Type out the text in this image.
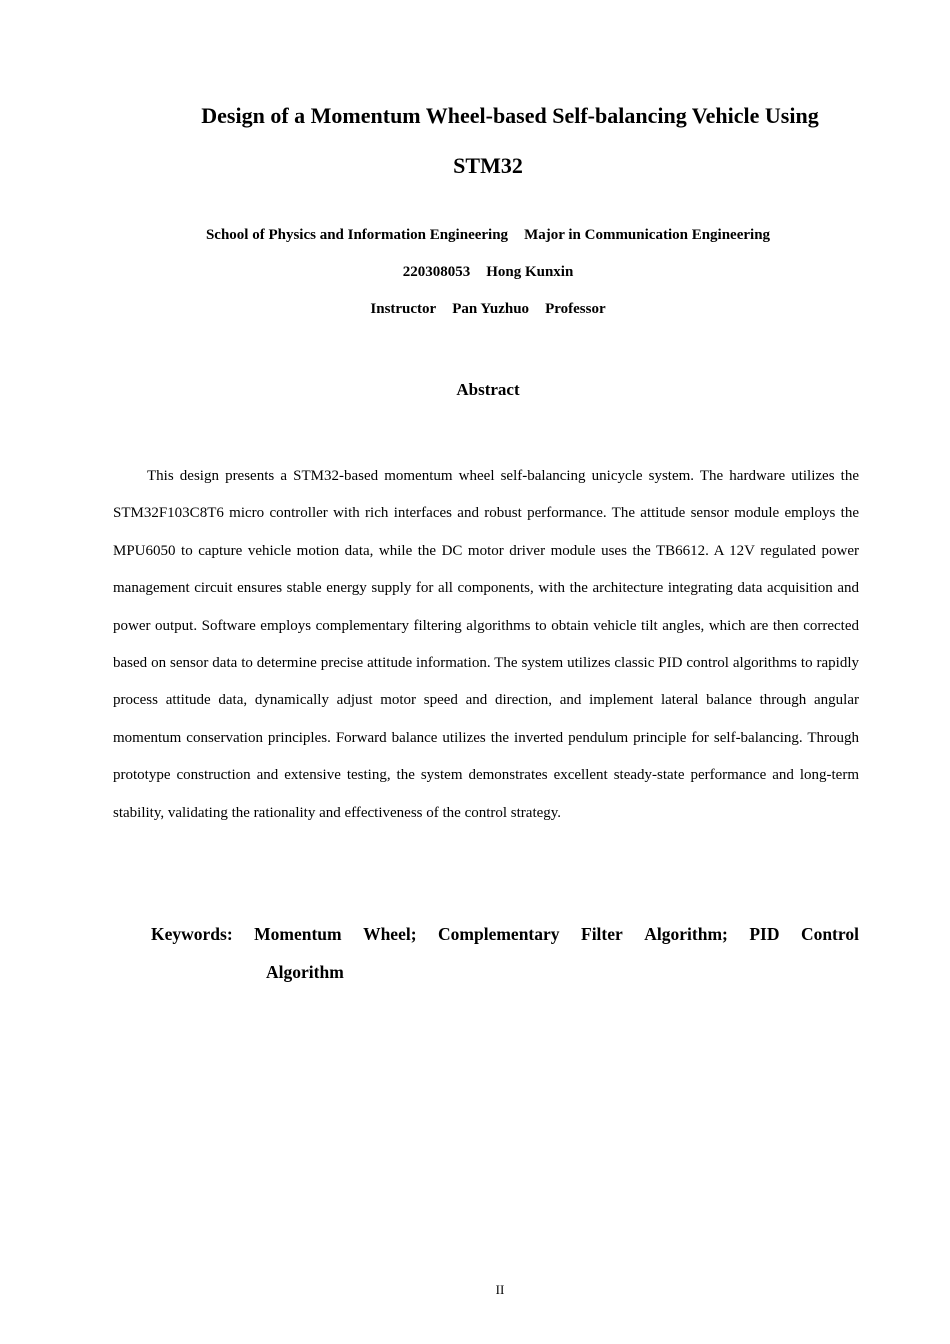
Design of a Momentum Wheel-based Self-balancing Vehicle Using
STM32
School of Physics and Information Engineering Major in Communication Engineering
220308053 Hong Kunxin
Instructor Pan Yuzhuo Professor
Abstract

This design presents a STM32-based momentum wheel self-balancing unicycle system. The hardware utilizes the STM32F103C8T6 micro controller with rich interfaces and robust performance. The attitude sensor module employs the MPU6050 to capture vehicle motion data, while the DC motor driver module uses the TB6612. A 12V regulated power management circuit ensures stable energy supply for all components, with the architecture integrating data acquisition and power output. Software employs complementary filtering algorithms to obtain vehicle tilt angles, which are then corrected based on sensor data to determine precise attitude information. The system utilizes classic PID control algorithms to rapidly process attitude data, dynamically adjust motor speed and direction, and implement lateral balance through angular momentum conservation principles. Forward balance utilizes the inverted pendulum principle for self-balancing. Through prototype construction and extensive testing, the system demonstrates excellent steady-state performance and long-term stability, validating the rationality and effectiveness of the control strategy.

Keywords: Momentum Wheel; Complementary Filter Algorithm; PID Control
Algorithm
II
